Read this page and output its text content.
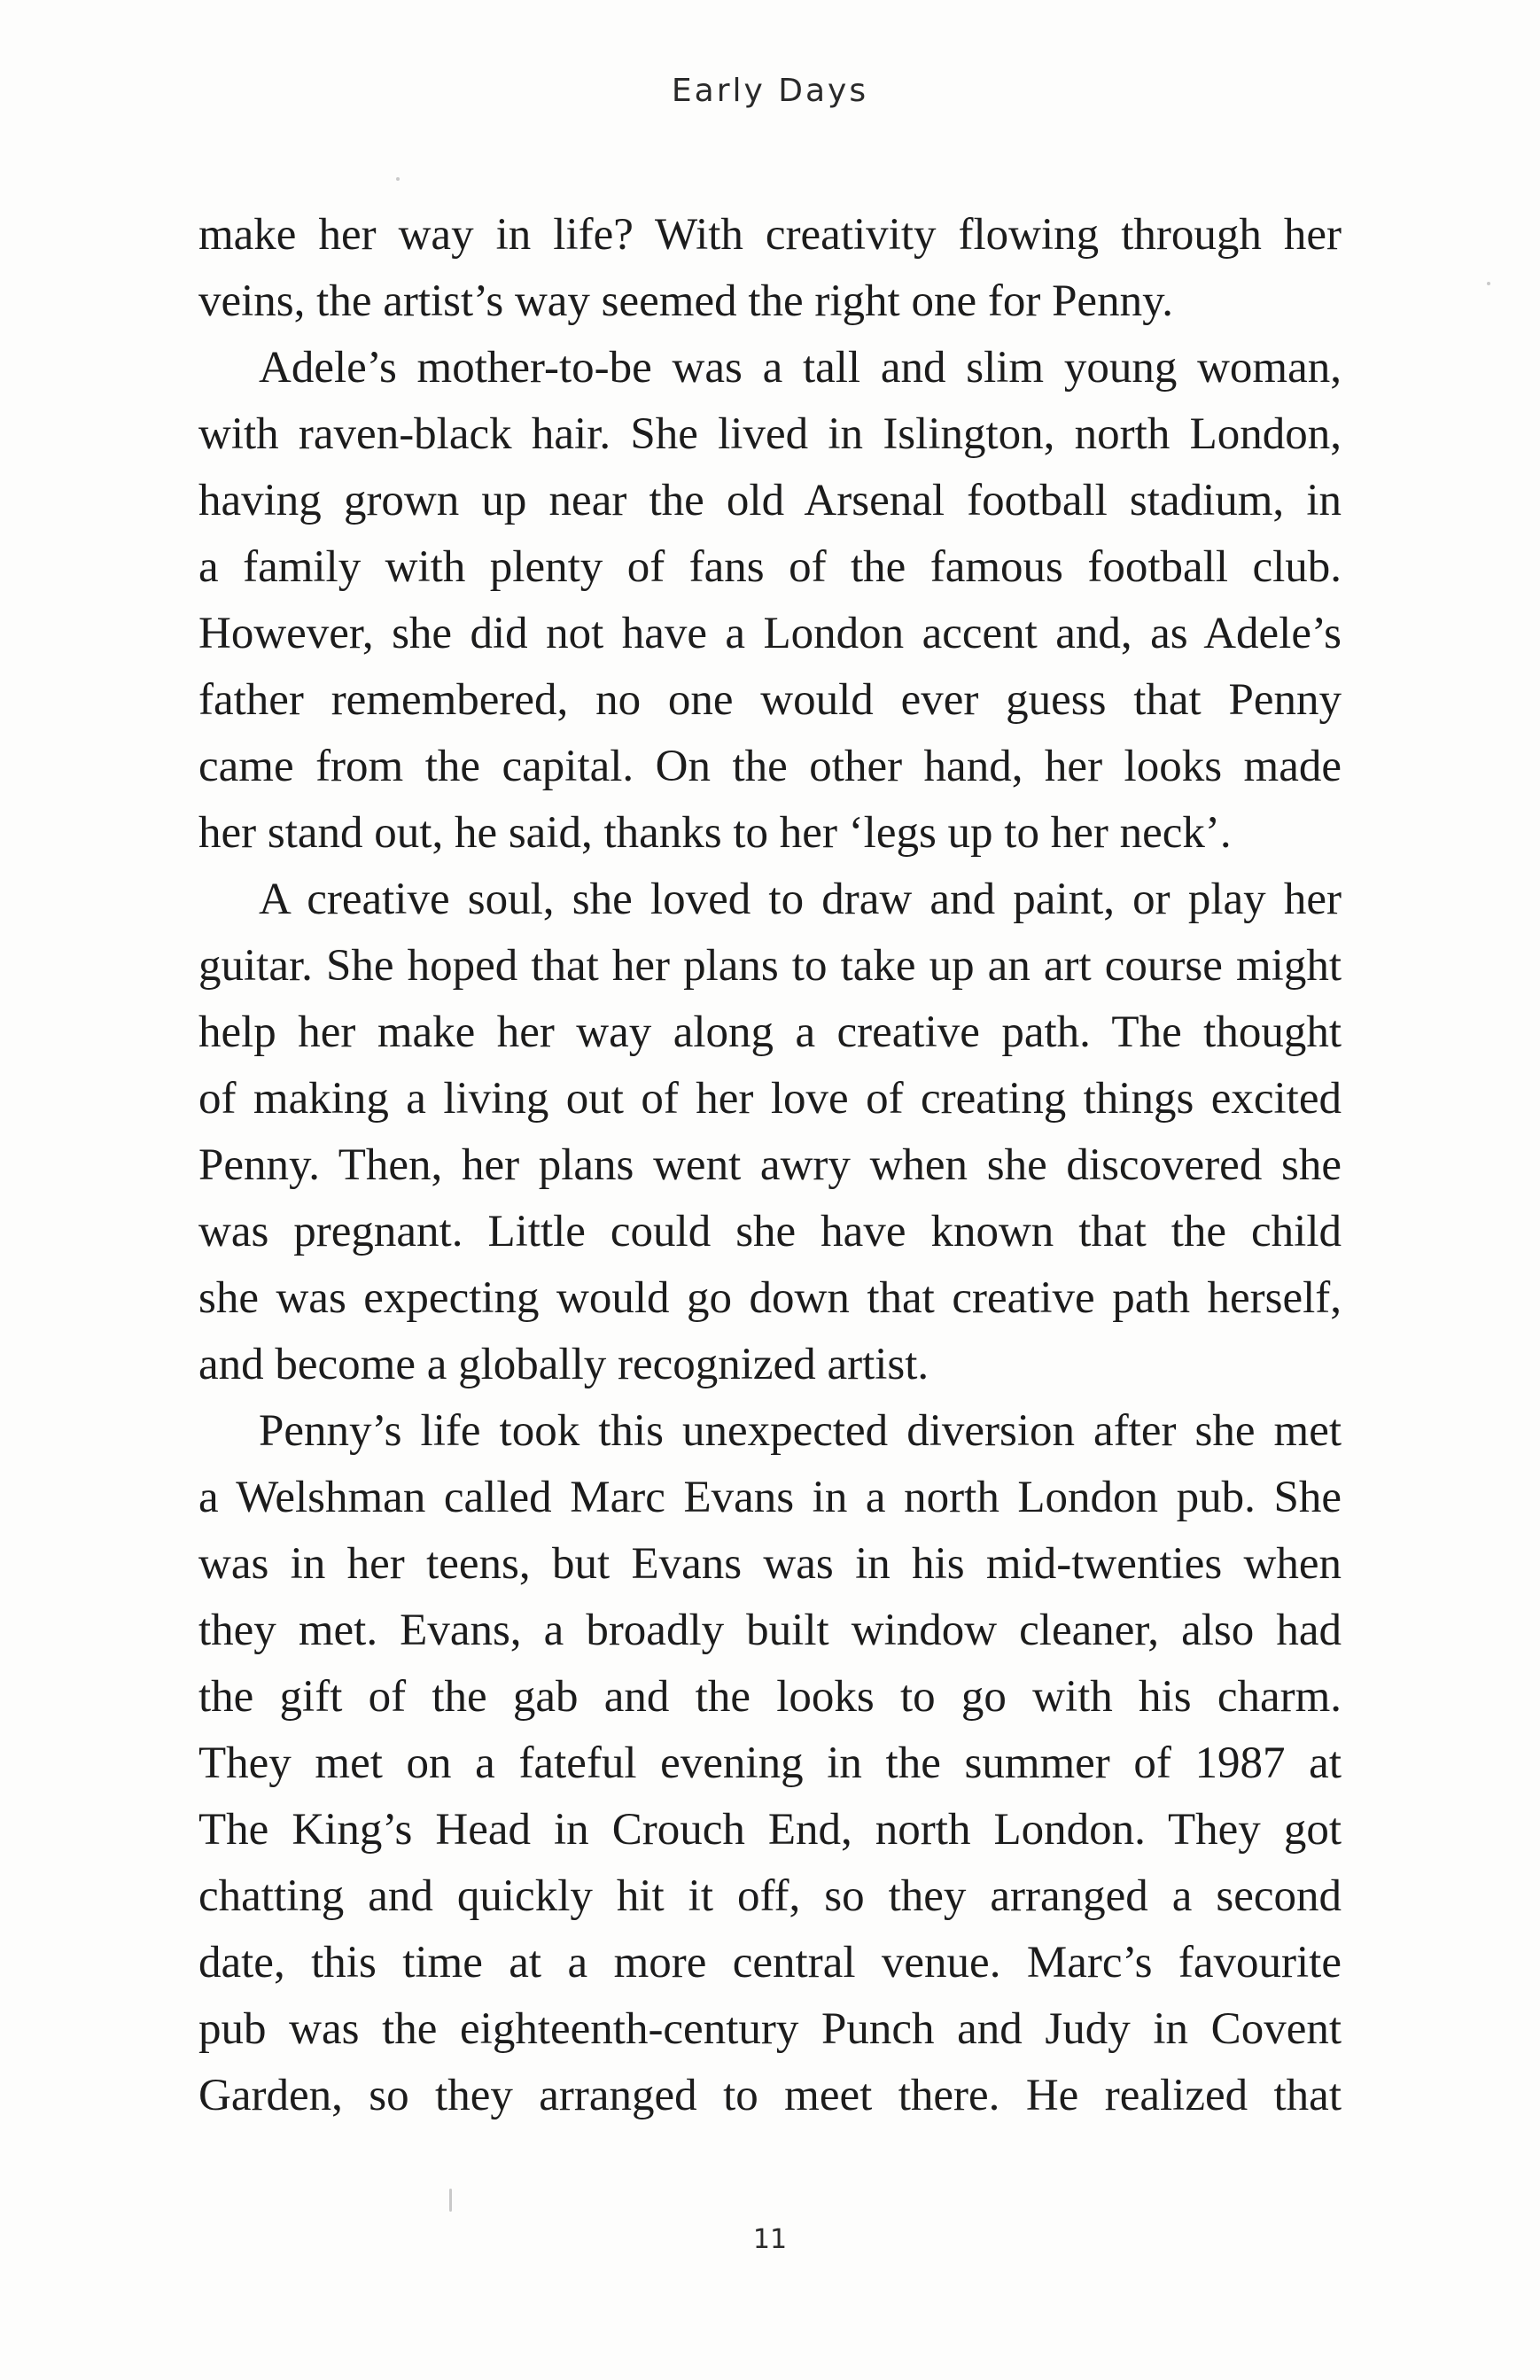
Early Days
make her way in life? With creativity flowing through her
veins, the artist’s way seemed the right one for Penny.
Adele’s mother-to-be was a tall and slim young woman,
with raven-black hair. She lived in Islington, north London,
having grown up near the old Arsenal football stadium, in
a family with plenty of fans of the famous football club.
However, she did not have a London accent and, as Adele’s
father remembered, no one would ever guess that Penny
came from the capital. On the other hand, her looks made
her stand out, he said, thanks to her ‘legs up to her neck’.
A creative soul, she loved to draw and paint, or play her
guitar. She hoped that her plans to take up an art course might
help her make her way along a creative path. The thought
of making a living out of her love of creating things excited
Penny. Then, her plans went awry when she discovered she
was pregnant. Little could she have known that the child
she was expecting would go down that creative path herself,
and become a globally recognized artist.
Penny’s life took this unexpected diversion after she met
a Welshman called Marc Evans in a north London pub. She
was in her teens, but Evans was in his mid-twenties when
they met. Evans, a broadly built window cleaner, also had
the gift of the gab and the looks to go with his charm.
They met on a fateful evening in the summer of 1987 at
The King’s Head in Crouch End, north London. They got
chatting and quickly hit it off, so they arranged a second
date, this time at a more central venue. Marc’s favourite
pub was the eighteenth-century Punch and Judy in Covent
Garden, so they arranged to meet there. He realized that
11
